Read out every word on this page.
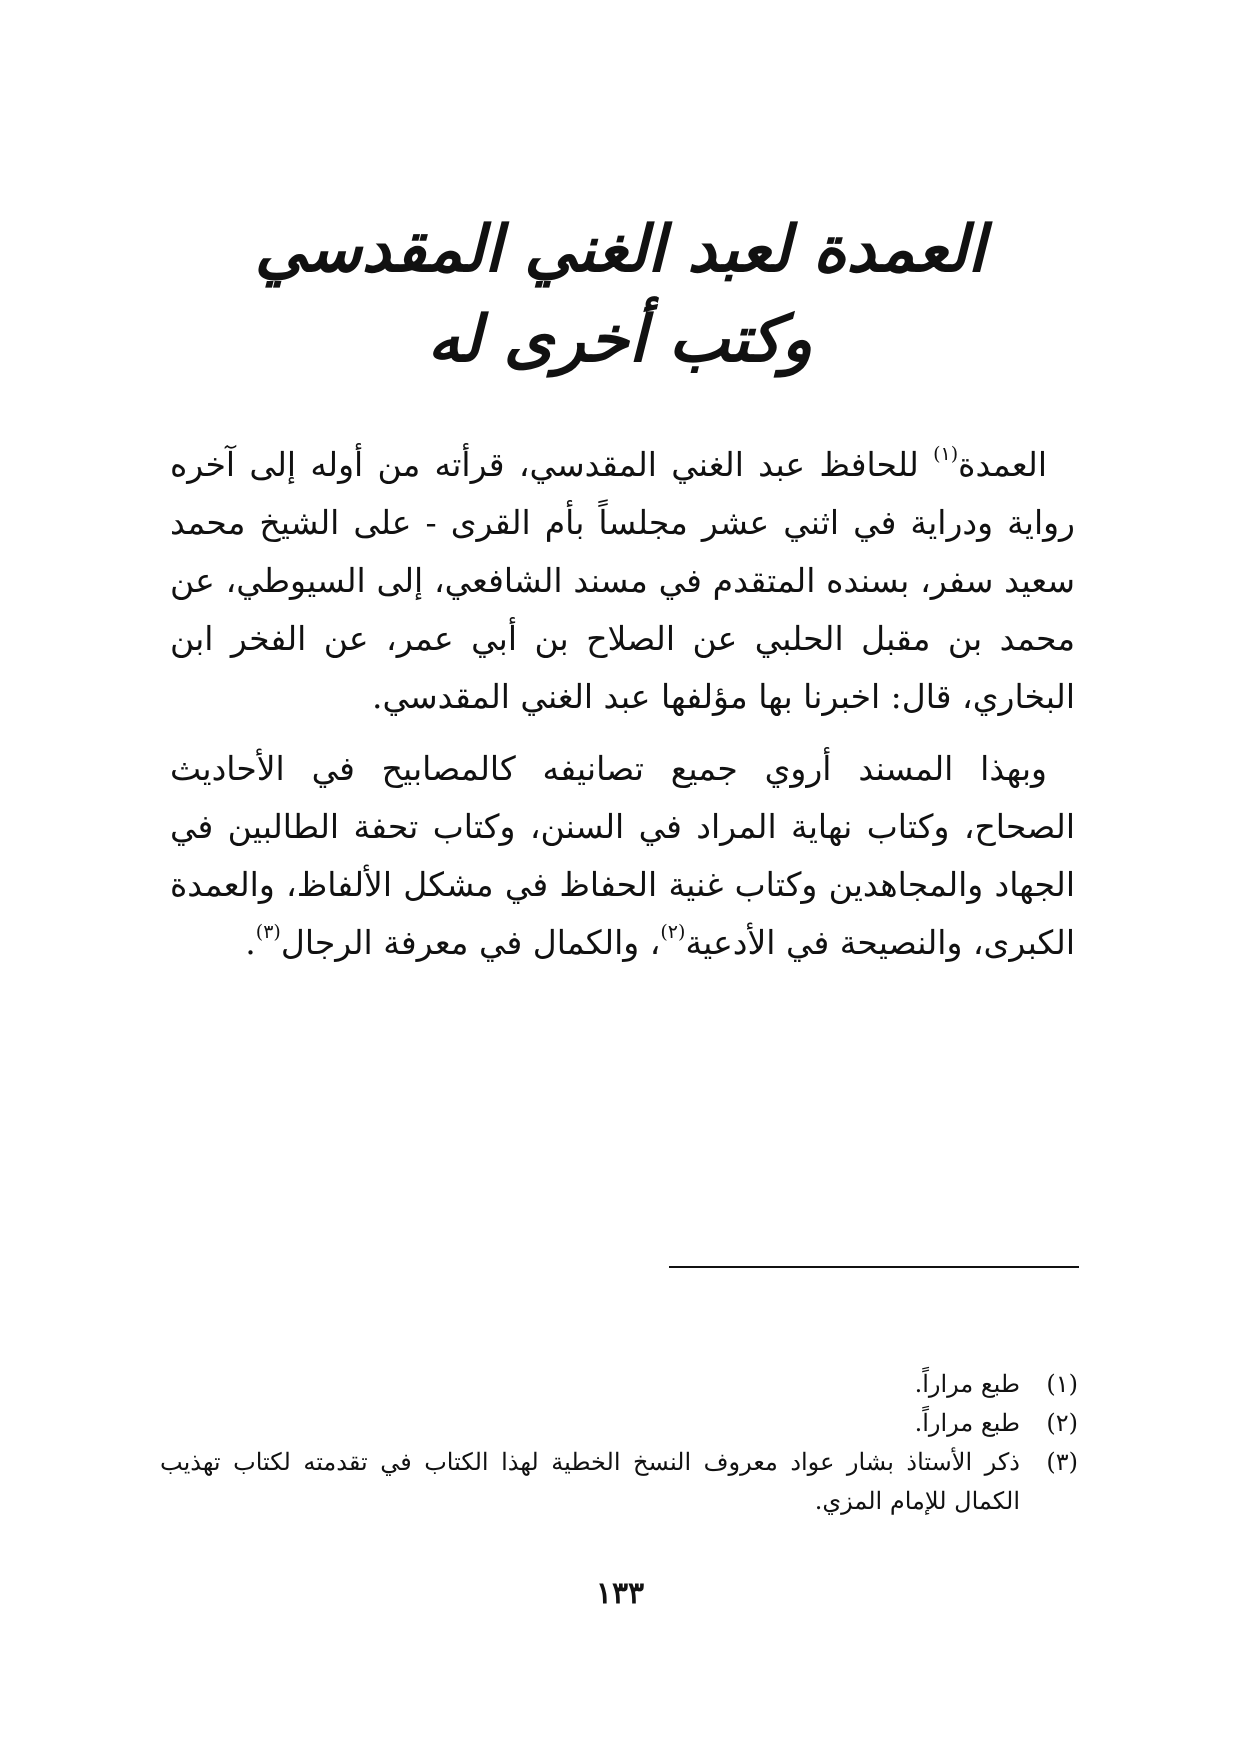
العمدة لعبد الغني المقدسي وكتب أخرى له

العمدة$^{(١)}$ للحافظ عبد الغني المقدسي، قرأته من أوله إلى آخره رواية ودراية في اثني عشر مجلساً بأم القرى - على الشيخ محمد سعيد سفر، بسنده المتقدم في مسند الشافعي، إلى السيوطي، عن محمد بن مقبل الحلبي عن الصلاح بن أبي عمر، عن الفخر ابن البخاري، قال: اخبرنا بها مؤلفها عبد الغني المقدسي.

وبهذا المسند أروي جميع تصانيفه كالمصابيح في الأحاديث الصحاح، وكتاب نهاية المراد في السنن، وكتاب تحفة الطالبين في الجهاد والمجاهدين وكتاب غنية الحفاظ في مشكل الألفاظ، والعمدة الكبرى، والنصيحة في الأدعية$^{(٢)}$، والكمال في معرفة الرجال$^{(٣)}$.

(١)
طبع مراراً.
(٢)
طبع مراراً.
(٣)
ذكر الأستاذ بشار عواد معروف النسخ الخطية لهذا الكتاب في تقدمته لكتاب تهذيب الكمال للإمام المزي.
١٣٣
